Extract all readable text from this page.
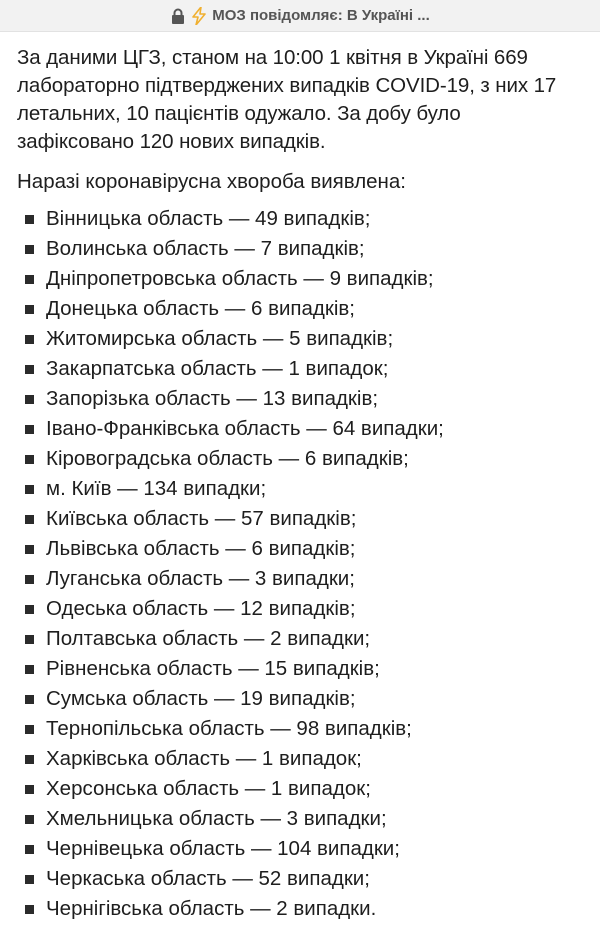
МОЗ повідомляє: В Україні ...

За даними ЦГЗ, станом на 10:00 1 квітня в Україні 669 лабораторно підтверджених випадків COVID-19, з них 17 летальних, 10 пацієнтів одужало. За добу було зафіксовано 120 нових випадків.

Наразі коронавірусна хвороба виявлена:

Вінницька область — 49 випадків;
Волинська область — 7 випадків;
Дніпропетровська область — 9 випадків;
Донецька область — 6 випадків;
Житомирська область — 5 випадків;
Закарпатська область — 1 випадок;
Запорізька область — 13 випадків;
Івано-Франківська область — 64 випадки;
Кіровоградська область — 6 випадків;
м. Київ — 134 випадки;
Київська область — 57 випадків;
Львівська область — 6 випадків;
Луганська область — 3 випадки;
Одеська область — 12 випадків;
Полтавська область — 2 випадки;
Рівненська область — 15 випадків;
Сумська область — 19 випадків;
Тернопільська область — 98 випадків;
Харківська область — 1 випадок;
Херсонська область — 1 випадок;
Хмельницька область — 3 випадки;
Чернівецька область — 104 випадки;
Черкаська область — 52 випадки;
Чернігівська область — 2 випадки.
